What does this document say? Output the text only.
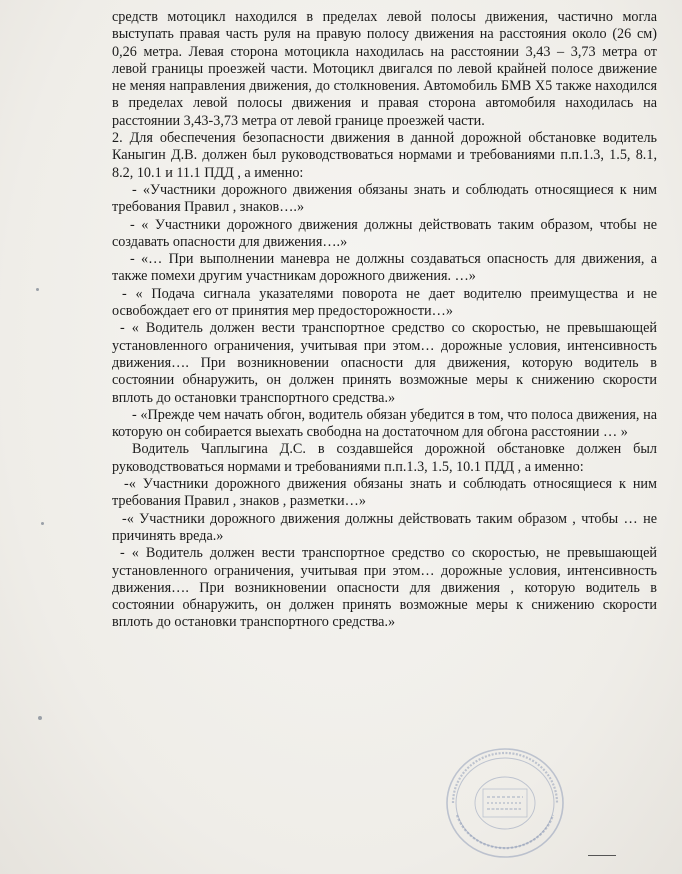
средств мотоцикл находился в пределах левой полосы движения, частично могла выступать правая часть руля на правую полосу движения на расстояния около (26 см) 0,26 метра. Левая сторона мотоцикла находилась на расстоянии 3,43 – 3,73 метра от левой границы проезжей части. Мотоцикл двигался по левой крайней полосе движение не меняя направления движения, до столкновения. Автомобиль БМВ Х5 также находился в пределах левой полосы движения и правая сторона автомобиля находилась на расстоянии 3,43-3,73 метра от левой границе проезжей части.

2. Для обеспечения безопасности движения в данной дорожной обстановке водитель Каныгин Д.В. должен был руководствоваться нормами и требованиями п.п.1.3, 1.5, 8.1, 8.2, 10.1 и 11.1 ПДД , а именно:

- «Участники дорожного движения обязаны знать и соблюдать относящиеся к ним требования Правил , знаков….»

- « Участники дорожного движения должны действовать таким образом, чтобы не создавать опасности для движения….»

- «… При выполнении маневра не должны создаваться опасность для движения, а также помехи другим участникам дорожного движения. …»

- « Подача сигнала указателями поворота не дает водителю преимущества и не освобождает его от принятия мер предосторожности…»

- « Водитель должен вести транспортное средство со скоростью, не превышающей установленного ограничения, учитывая при этом… дорожные условия, интенсивность движения…. При возникновении опасности для движения, которую водитель в состоянии обнаружить, он должен принять возможные меры к снижению скорости вплоть до остановки транспортного средства.»

- «Прежде чем начать обгон, водитель обязан убедится в том, что полоса движения, на которую он собирается выехать свободна на достаточном для обгона расстоянии … »

Водитель Чаплыгина Д.С. в создавшейся дорожной обстановке должен был руководствоваться нормами и требованиями п.п.1.3, 1.5, 10.1 ПДД , а именно:

-« Участники дорожного движения обязаны знать и соблюдать относящиеся к ним требования Правил , знаков , разметки…»

-« Участники дорожного движения должны действовать таким образом , чтобы … не причинять вреда.»

- « Водитель должен вести транспортное средство со скоростью, не превышающей установленного ограничения, учитывая при этом… дорожные условия, интенсивность движения…. При возникновении опасности для движения , которую водитель в состоянии обнаружить, он должен принять возможные меры к снижению скорости вплоть до остановки транспортного средства.»
